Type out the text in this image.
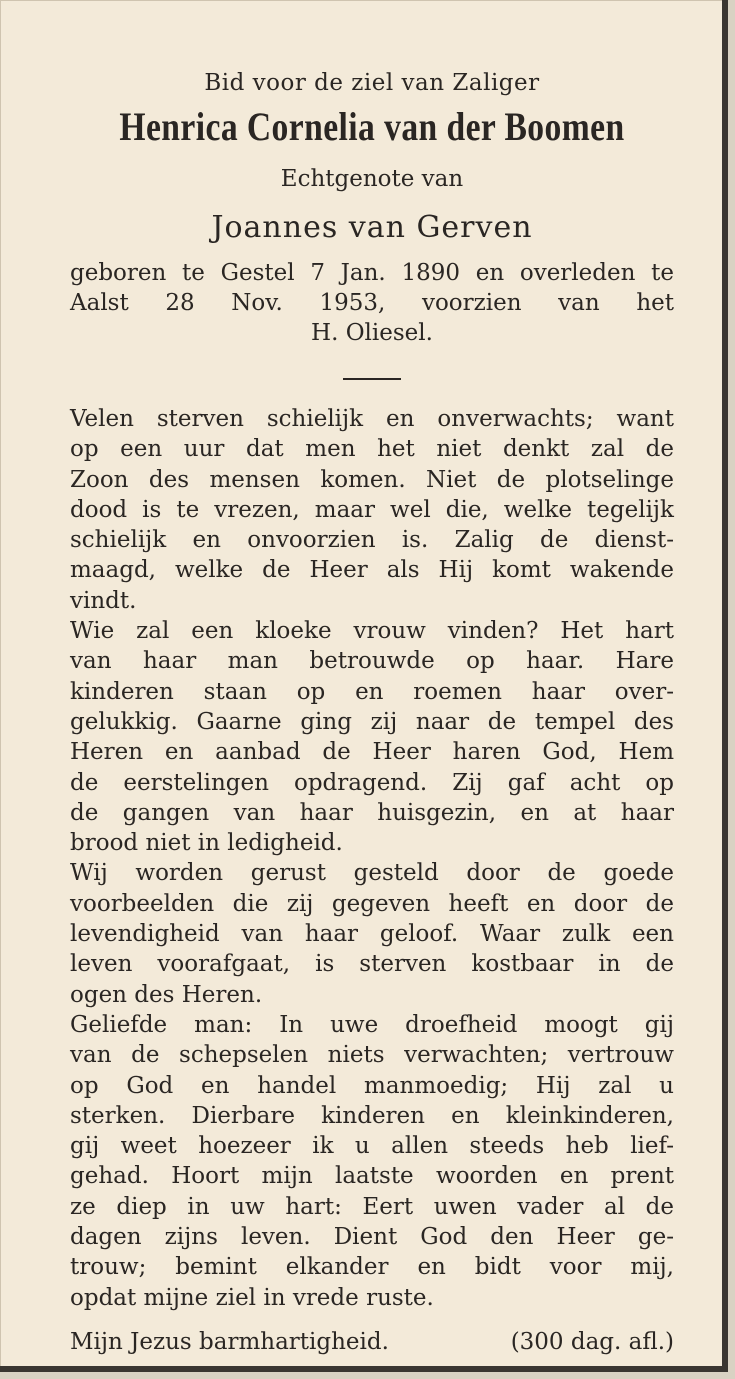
Bid voor de ziel van Zaliger

Henrica Cornelia van der Boomen

Echtgenote van

Joannes van Gerven

geboren te Gestel 7 Jan. 1890 en overleden te

Aalst 28 Nov. 1953, voorzien van het

H. Oliesel.

Velen sterven schielijk en onverwachts; want

op een uur dat men het niet denkt zal de

Zoon des mensen komen. Niet de plotselinge

dood is te vrezen, maar wel die, welke tegelijk

schielijk en onvoorzien is. Zalig de dienst-

maagd, welke de Heer als Hij komt wakende

vindt.

Wie zal een kloeke vrouw vinden? Het hart

van haar man betrouwde op haar. Hare

kinderen staan op en roemen haar over-

gelukkig. Gaarne ging zij naar de tempel des

Heren en aanbad de Heer haren God, Hem

de eerstelingen opdragend. Zij gaf acht op

de gangen van haar huisgezin, en at haar

brood niet in ledigheid.

Wij worden gerust gesteld door de goede

voorbeelden die zij gegeven heeft en door de

levendigheid van haar geloof. Waar zulk een

leven voorafgaat, is sterven kostbaar in de

ogen des Heren.

Geliefde man: In uwe droefheid moogt gij

van de schepselen niets verwachten; vertrouw

op God en handel manmoedig; Hij zal u

sterken. Dierbare kinderen en kleinkinderen,

gij weet hoezeer ik u allen steeds heb lief-

gehad. Hoort mijn laatste woorden en prent

ze diep in uw hart: Eert uwen vader al de

dagen zijns leven. Dient God den Heer ge-

trouw; bemint elkander en bidt voor mij,

opdat mijne ziel in vrede ruste.

Mijn Jezus barmhartigheid.	(300 dag. afl.)
